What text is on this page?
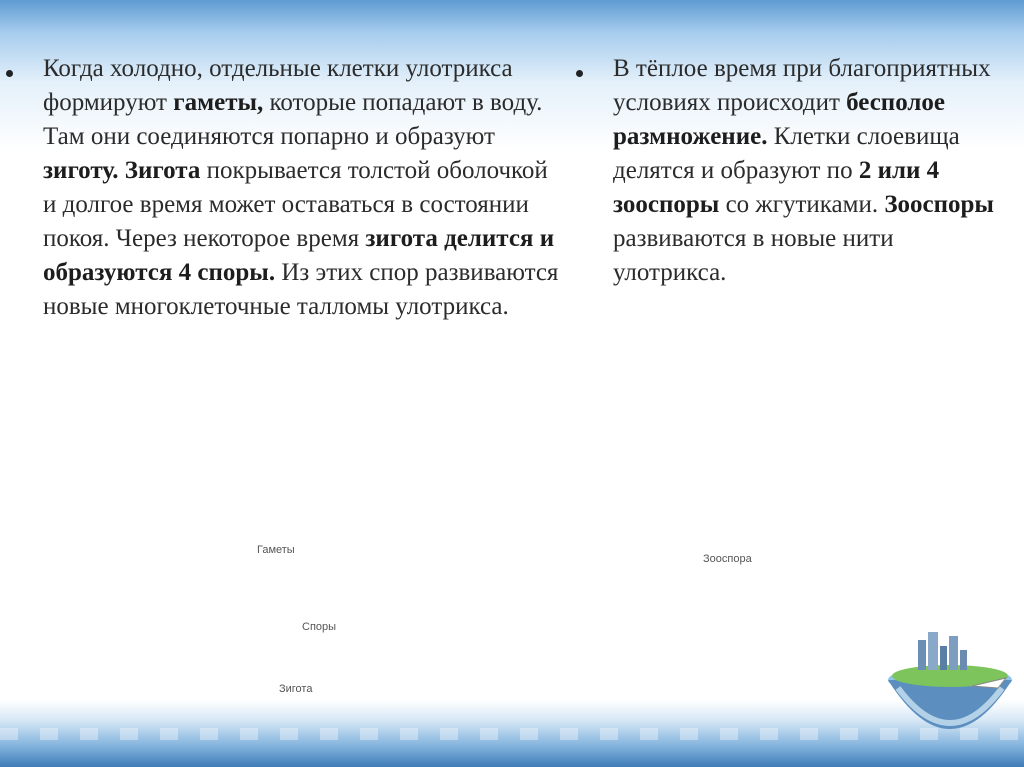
Когда холодно, отдельные клетки улотрикса формируют гаметы, которые попадают в воду. Там они соединяются попарно и образуют зиготу. Зигота покрывается толстой оболочкой и долгое время может оставаться в состоянии покоя. Через некоторое время зигота делится и образуются 4 споры. Из этих спор развиваются новые многоклеточные талломы улотрикса.
В тёплое время при благоприятных условиях происходит бесполое размножение. Клетки слоевища делятся и образуют по 2 или 4 зооспоры со жгутиками. Зооспоры развиваются в новые нити улотрикса.
Гаметы
Споры
Зигота
Зооспора
